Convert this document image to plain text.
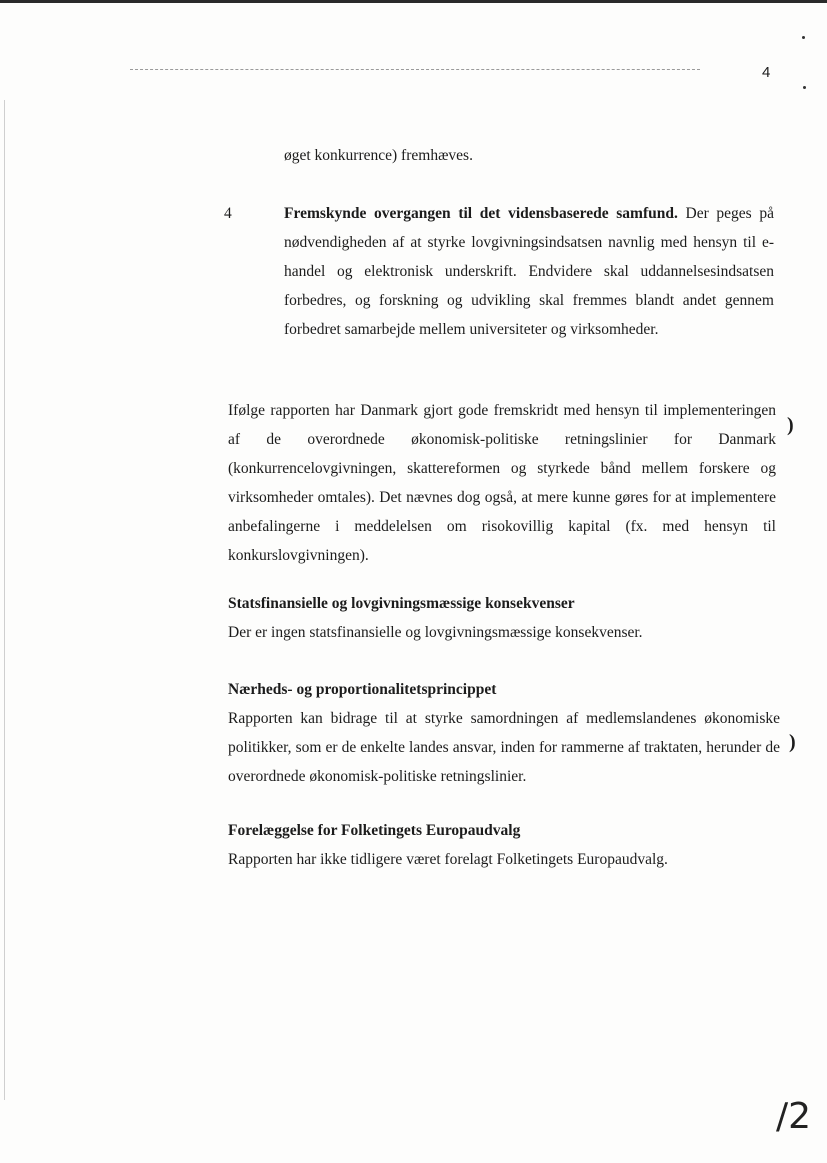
4
øget konkurrence) fremhæves.
4	Fremskynde overgangen til det vidensbaserede samfund. Der peges på nødvendigheden af at styrke lovgivningsindsatsen navnlig med hensyn til e-handel og elektronisk underskrift. Endvidere skal uddannelsesindsatsen forbedres, og forskning og udvikling skal fremmes blandt andet gennem forbedret samarbejde mellem universiteter og virksomheder.
Ifølge rapporten har Danmark gjort gode fremskridt med hensyn til implementeringen af de overordnede økonomisk-politiske retningslinier for Danmark (konkurrencelovgivningen, skattereformen og styrkede bånd mellem forskere og virksomheder omtales). Det nævnes dog også, at mere kunne gøres for at implementere anbefalingerne i meddelelsen om risokovillig kapital (fx. med hensyn til konkurslovgivningen).
)
Statsfinansielle og lovgivningsmæssige konsekvenser
Der er ingen statsfinansielle og lovgivningsmæssige konsekvenser.
Nærheds- og proportionalitetsprincippet
Rapporten kan bidrage til at styrke samordningen af medlemslandenes økonomiske politikker, som er de enkelte landes ansvar, inden for rammerne af traktaten, herunder de overordnede økonomisk-politiske retningslinier.
)
Forelæggelse for Folketingets Europaudvalg
Rapporten har ikke tidligere været forelagt Folketingets Europaudvalg.
/2
